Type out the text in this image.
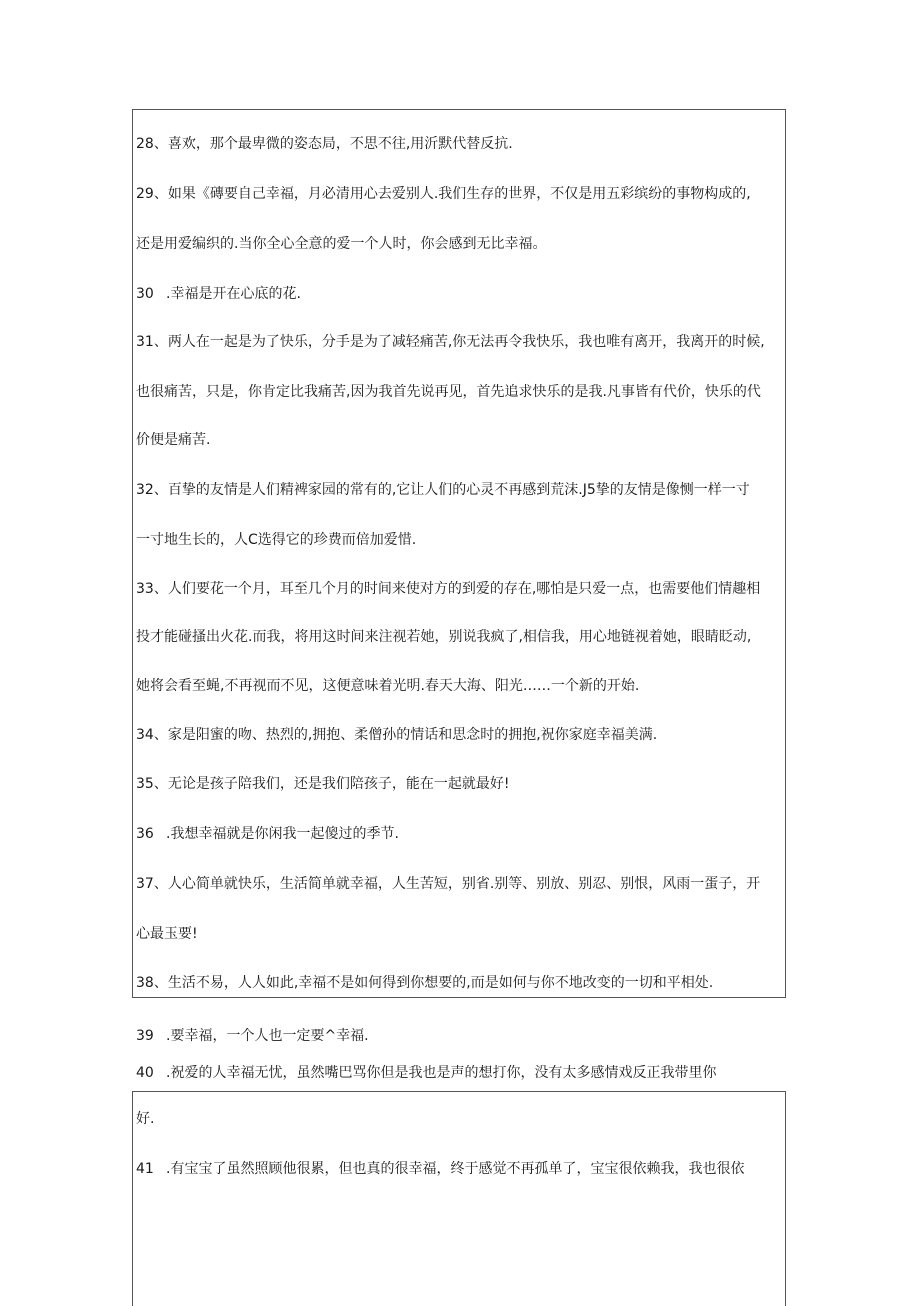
28、喜欢，那个最卑微的姿态局，不思不往,用沂默代替反抗.
29、如果《磚要自己幸福，月必清用心去爱别人.我们生存的世界，不仅是用五彩缤纷的事物构成的,
还是用爱编织的.当你全心全意的爱一个人时，你会感到无比幸福。
30 .幸福是开在心底的花.
31、两人在一起是为了快乐，分手是为了减轻痛苦,你无法再令我快乐，我也唯有离开，我离开的时候,
也很痛苦，只是，你肯定比我痛苦,因为我首先说再见，首先追求快乐的是我.凡事皆有代价，快乐的代
价便是痛苦.
32、百挚的友情是人们精裨家园的常有的,它让人们的心灵不再感到荒沫.J5挚的友情是像恻一样一寸
一寸地生长的，人C选得它的珍费而倍加爱惜.
33、人们要花一个月，耳至几个月的时间来使对方的到爱的存在,哪怕是只爱一点，也需要他们情趣相
投才能碰搔出火花.而我，将用这时间来注视若她，别说我疯了,相信我，用心地链视着她，眼睛眨动,
她将会看至蝇,不再视而不见，这便意味着光明.春天大海、阳光……一个新的开始.
34、家是阳蜜的吻、热烈的,拥抱、柔僧孙的情话和思念时的拥抱,祝你家庭幸福美满.
35、无论是孩子陪我们，还是我们陪孩子，能在一起就最好!
36 .我想幸福就是你闲我一起傻过的季节.
37、人心简单就快乐，生活简单就幸福，人生苦短，别省.别等、别放、别忍、别恨，风雨一蛋子，开
心最玉要!
38、生活不易，人人如此,幸福不是如何得到你想要的,而是如何与你不地改变的一切和平相处.
39 .要幸福，一个人也一定要^幸福.
40 .祝爱的人幸福无忧，虽然嘴巴骂你但是我也是声的想打你，没有太多感情戏反正我带里你
好.
41 .有宝宝了虽然照顾他很累，但也真的很幸福，终于感觉不再孤单了，宝宝很依赖我，我也很依
